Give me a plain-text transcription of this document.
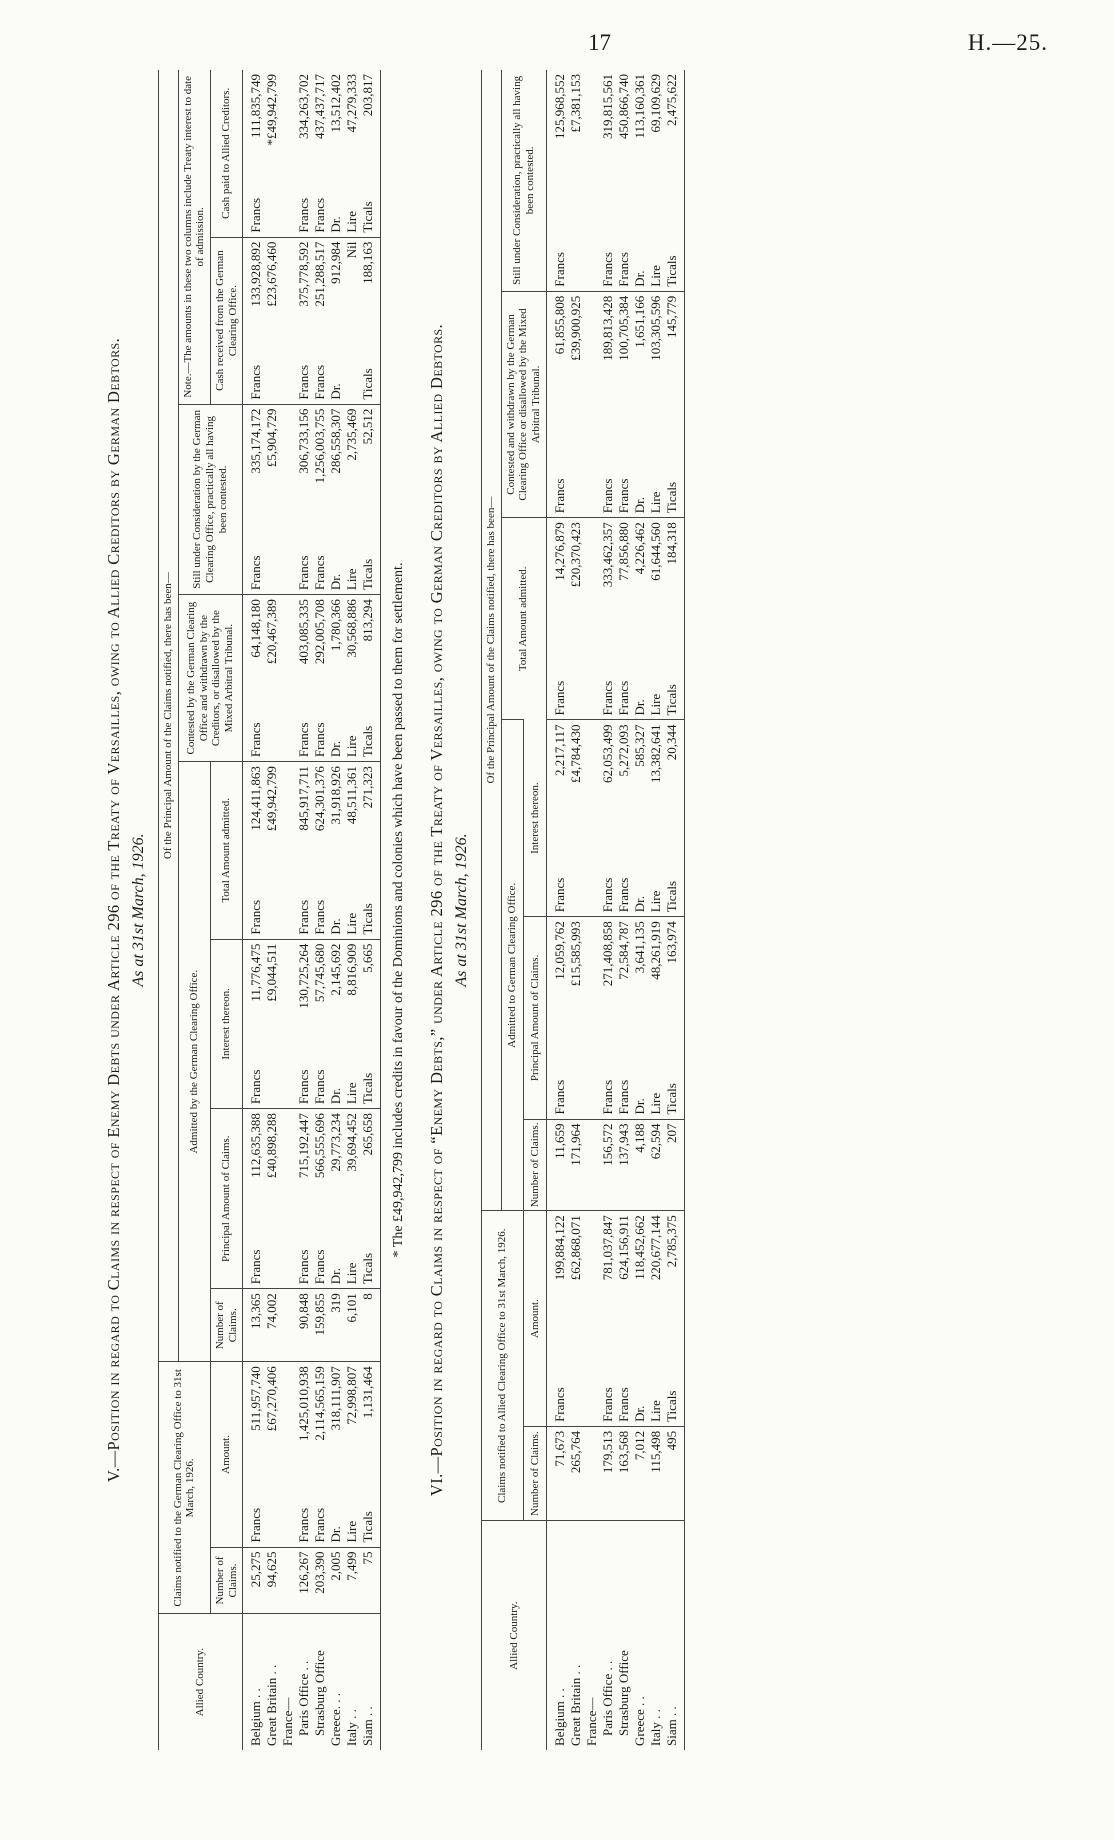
17	H.—25.
V.—Position in regard to Claims in respect of Enemy Debts under Article 296 of the Treaty of Versailles, owing to Allied Creditors by German Debtors. As at 31st March, 1926.
Allied Country.	Claims notified to the German Clearing Office to 31st March, 1926.			Of the Principal Amount of the Claims notified, there has been—														
				Admitted by the German Clearing Office.							Contested by the German Clearing Office and withdrawn by the Creditors, or disallowed by the Mixed Arbitral Tribunal.		Still under Consideration by the German Clearing Office, practically all having been contested.		Note.—The amounts in these two columns include Treaty interest to date of admission.			
	Number of Claims.	Amount.		Number of Claims.	Principal Amount of Claims.		Interest thereon.		Total Amount admitted.						Cash received from the German Clearing Office.		Cash paid to Allied Creditors.	
Belgium . .	25,275	Francs	511,957,740	13,365	Francs	112,635,388	Francs	11,776,475	Francs	124,411,863	Francs	64,148,180	Francs	335,174,172	Francs	133,928,892	Francs	111,835,749
Great Britain . .	94,625		£67,270,406	74,002		£40,898,288		£9,044,511		£49,942,799		£20,467,389		£5,904,729		£23,676,460		*£49,942,799
France—																		
Paris Office . .	126,267	Francs	1,425,010,938	90,848	Francs	715,192,447	Francs	130,725,264	Francs	845,917,711	Francs	403,085,335	Francs	306,733,156	Francs	375,778,592	Francs	334,263,702
Strasburg Office	203,390	Francs	2,114,565,159	159,855	Francs	566,555,696	Francs	57,745,680	Francs	624,301,376	Francs	292,005,708	Francs	1,256,003,755	Francs	251,288,517	Francs	437,437,717
Greece. . .	2,005	Dr.	318,111,907	319	Dr.	29,773,234	Dr.	2,145,692	Dr.	31,918,926	Dr.	1,780,366	Dr.	286,558,307	Dr.	912,984	Dr.	13,512,402
Italy . .	7,499	Lire	72,998,807	6,101	Lire	39,694,452	Lire	8,816,909	Lire	48,511,361	Lire	30,568,886	Lire	2,735,469		Nil	Lire	47,279,333
Siam . .	75	Ticals	1,131,464	8	Ticals	265,658	Ticals	5,665	Ticals	271,323	Ticals	813,294	Ticals	52,512	Ticals	188,163	Ticals	203,817
* The £49,942,799 includes credits in favour of the Dominions and colonies which have been passed to them for settlement.
VI.—Position in regard to Claims in respect of “Enemy Debts,” under Article 296 of the Treaty of Versailles, owing to German Creditors by Allied Debtors. As at 31st March, 1926.
Allied Country.	Claims notified to Allied Clearing Office to 31st March, 1926.			Of the Principal Amount of the Claims notified, there has been—										
				Admitted to German Clearing Office.					Total Amount admitted.		Contested and withdrawn by the German Clearing Office or disallowed by the Mixed Arbitral Tribunal.		Still under Consideration, practically all having been contested.	
	Number of Claims.	Amount.		Number of Claims.	Principal Amount of Claims.		Interest thereon.							
Belgium . .	71,673	Francs	199,884,122	11,659	Francs	12,059,762	Francs	2,217,117	Francs	14,276,879	Francs	61,855,808	Francs	125,968,552
Great Britain . .	265,764		£62,868,071	171,964		£15,585,993		£4,784,430		£20,370,423		£39,900,925		£7,381,153
France—														
Paris Office . .	179,513	Francs	781,037,847	156,572	Francs	271,408,858	Francs	62,053,499	Francs	333,462,357	Francs	189,813,428	Francs	319,815,561
Strasburg Office	163,568	Francs	624,156,911	137,943	Francs	72,584,787	Francs	5,272,093	Francs	77,856,880	Francs	100,705,384	Francs	450,866,740
Greece . .	7,012	Dr.	118,452,662	4,188	Dr.	3,641,135	Dr.	585,327	Dr.	4,226,462	Dr.	1,651,166	Dr.	113,160,361
Italy . .	115,498	Lire	220,677,144	62,594	Lire	48,261,919	Lire	13,382,641	Lire	61,644,560	Lire	103,305,596	Lire	69,109,629
Siam . .	495	Ticals	2,785,375	207	Ticals	163,974	Ticals	20,344	Ticals	184,318	Ticals	145,779	Ticals	2,475,622
